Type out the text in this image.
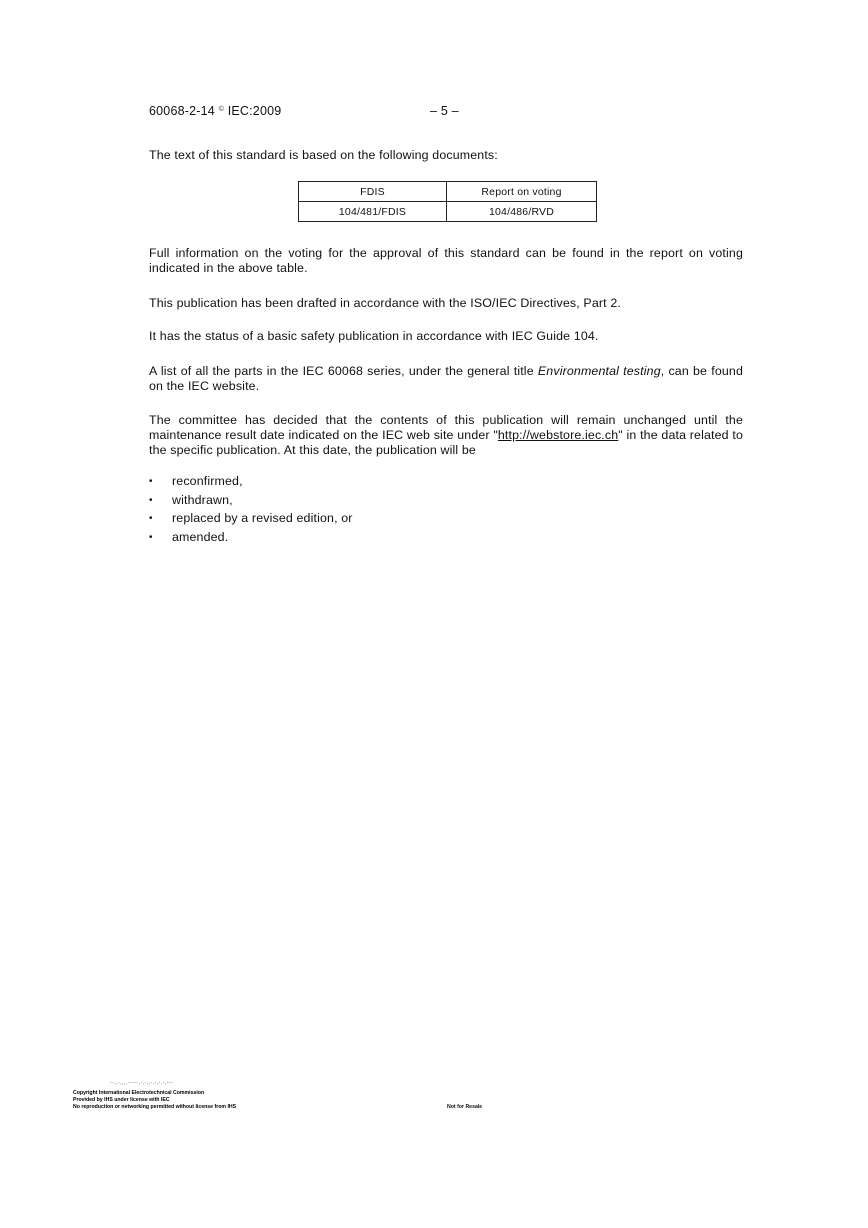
60068-2-14 © IEC:2009	– 5 –
The text of this standard is based on the following documents:
FDIS	Report on voting
104/481/FDIS	104/486/RVD
Full information on the voting for the approval of this standard can be found in the report on voting indicated in the above table.
This publication has been drafted in accordance with the ISO/IEC Directives, Part 2.
It has the status of a basic safety publication in accordance with IEC Guide 104.
A list of all the parts in the IEC 60068 series, under the general title Environmental testing, can be found on the IEC website.
The committee has decided that the contents of this publication will remain unchanged until the maintenance result date indicated on the IEC web site under "http://webstore.iec.ch" in the data related to the specific publication. At this date, the publication will be
• reconfirmed,
• withdrawn,
• replaced by a revised edition, or
• amended.
--,,-,,,,-----,-,-,,-,-,-,-,---
Copyright International Electrotechnical Commission
Provided by IHS under license with IEC
No reproduction or networking permitted without license from IHS	Not for Resale
